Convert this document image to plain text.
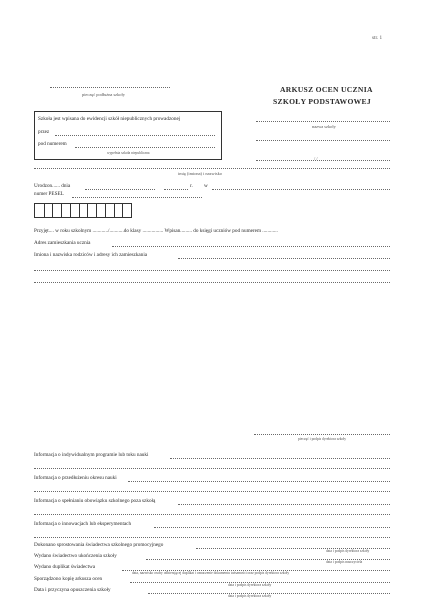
str. 1
pieczęć podłużna szkoły
ARKUSZ OCEN UCZNIA
SZKOŁY PODSTAWOWEJ
Szkoła jest wpisana do ewidencji szkół niepublicznych prowadzonej
przez
pod numerem
wypełnia szkoła niepubliczna
nazwa szkoły
/ /
imię (imiona) i nazwisko
Urodzon...... dnia	r. w
numer PESEL
Przyjęt.... w roku szkolnym ............/...........do klasy ................ Wpisan......... do księgi uczniów pod numerem ............
Adres zamieszkania ucznia
Imiona i nazwiska rodziców i adresy ich zamieszkania
pieczęć i podpis dyrektora szkoły
Informacja o indywidualnym programie lub toku nauki
Informacja o przedłużeniu okresu nauki
Informacja o spełnianiu obowiązku szkolnego poza szkołą
Informacja o innowacjach lub eksperymentach
Dokonano sprostowania świadectwa szkolnego promocyjnego
data i podpis dyrektora szkoły
Wydano świadectwo ukończenia szkoły
data i podpis nauczyciela
Wydano duplikat świadectwa
data, nazwisko osoby odbierającej duplikat i oznaczenie dokumentu tożsamości oraz podpis dyrektora szkoły
Sporządzono kopię arkusza ocen
data i podpis dyrektora szkoły
Data i przyczyna opuszczenia szkoły
data i podpis dyrektora szkoły
